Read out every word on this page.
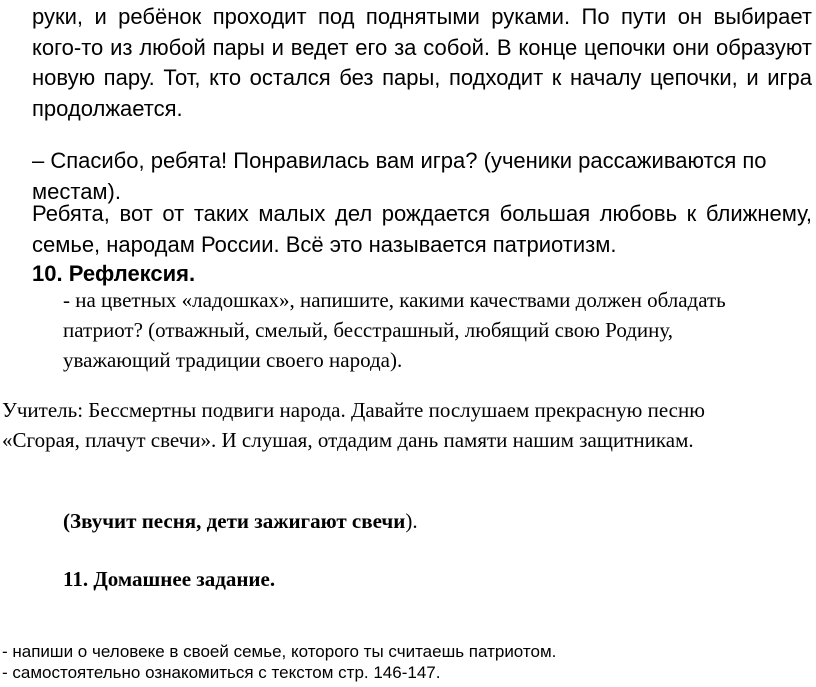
руки, и ребёнок проходит под поднятыми руками. По пути он выбирает кого-то из любой пары и ведет его за собой. В конце цепочки они образуют новую пару. Тот, кто остался без пары, подходит к началу цепочки, и игра продолжается.

– Спасибо, ребята! Понравилась вам игра? (ученики рассаживаются по местам).

Ребята, вот от таких малых дел рождается большая любовь к ближнему, семье, народам России. Всё это называется патриотизм.

10. Рефлексия.

- на цветных «ладошках», напишите, какими качествами должен обладать патриот? (отважный, смелый, бесстрашный, любящий свою Родину, уважающий традиции своего народа).

Учитель: Бессмертны подвиги народа. Давайте послушаем прекрасную песню «Сгорая, плачут свечи». И слушая, отдадим дань памяти нашим защитникам.

(Звучит песня, дети зажигают свечи).

11. Домашнее задание.

- напиши о человеке в своей семье, которого ты считаешь патриотом.
- самостоятельно ознакомиться с текстом стр. 146-147.
